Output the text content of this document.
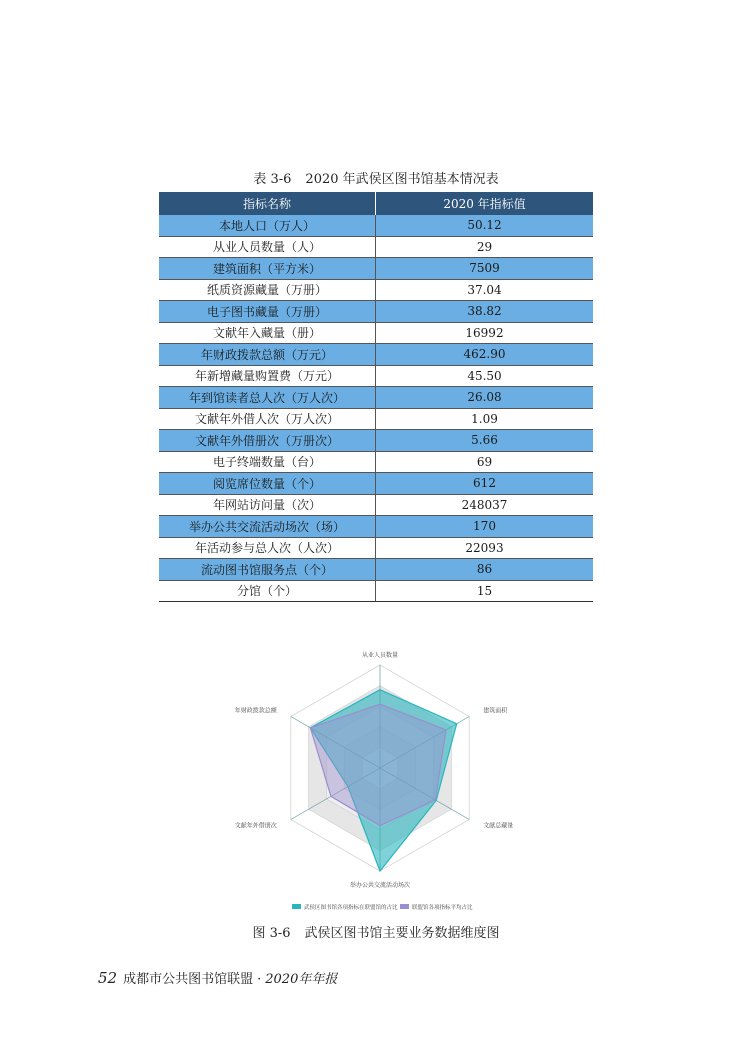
表 3-6 2020 年武侯区图书馆基本情况表
指标名称	2020 年指标值
本地人口（万人）	50.12
从业人员数量（人）	29
建筑面积（平方米）	7509
纸质资源藏量（万册）	37.04
电子图书藏量（万册）	38.82
文献年入藏量（册）	16992
年财政拨款总额（万元）	462.90
年新增藏量购置费（万元）	45.50
年到馆读者总人次（万人次）	26.08
文献年外借人次（万人次）	1.09
文献年外借册次（万册次）	5.66
电子终端数量（台）	69
阅览席位数量（个）	612
年网站访问量（次）	248037
举办公共交流活动场次（场）	170
年活动参与总人次（人次）	22093
流动图书馆服务点（个）	86
分馆（个）	15
从业人员数量
建筑面积
文献总藏量
举办公共交流活动场次
文献年外借册次
年财政拨款总额
武侯区图书馆各项指标在联盟馆的占比	联盟馆各项指标平均占比
图 3-6 武侯区图书馆主要业务数据维度图
52 成都市公共图书馆联盟 · 2020年年报
